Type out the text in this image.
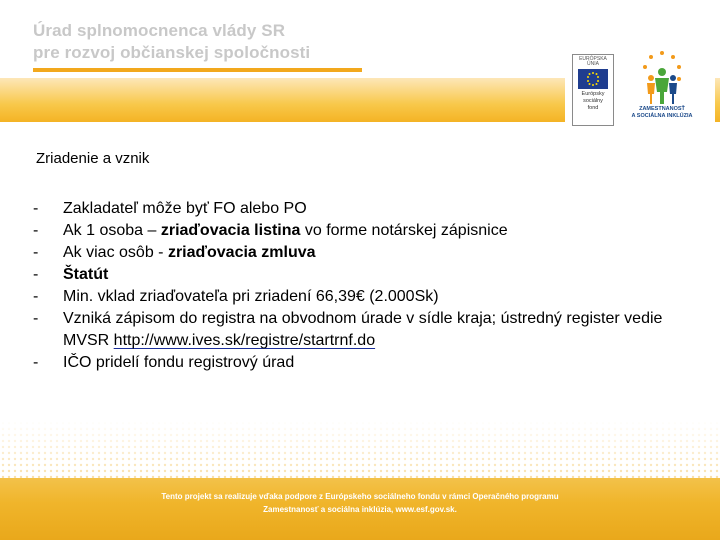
Úrad splnomocnenca vlády SR
pre rozvoj občianskej spoločnosti	EURÓPSKA ÚNIA
Európsky
sociálny
fond	ZAMESTNANOSŤ
A SOCIÁLNA INKLÚZIA
Zriadenie a vznik
- Zakladateľ môže byť FO alebo PO
- Ak 1 osoba – zriaďovacia listina vo forme notárskej zápisnice
- Ak viac osôb - zriaďovacia zmluva
- Štatút
- Min. vklad zriaďovateľa pri zriadení 66,39€ (2.000Sk)
- Vzniká zápisom do registra na obvodnom úrade v sídle kraja; ústredný register vedie MVSR http://www.ives.sk/registre/startrnf.do
- IČO pridelí fondu registrový úrad
Tento projekt sa realizuje vďaka podpore z Európskeho sociálneho fondu v rámci Operačného programu
Zamestnanosť a sociálna inklúzia, www.esf.gov.sk.
